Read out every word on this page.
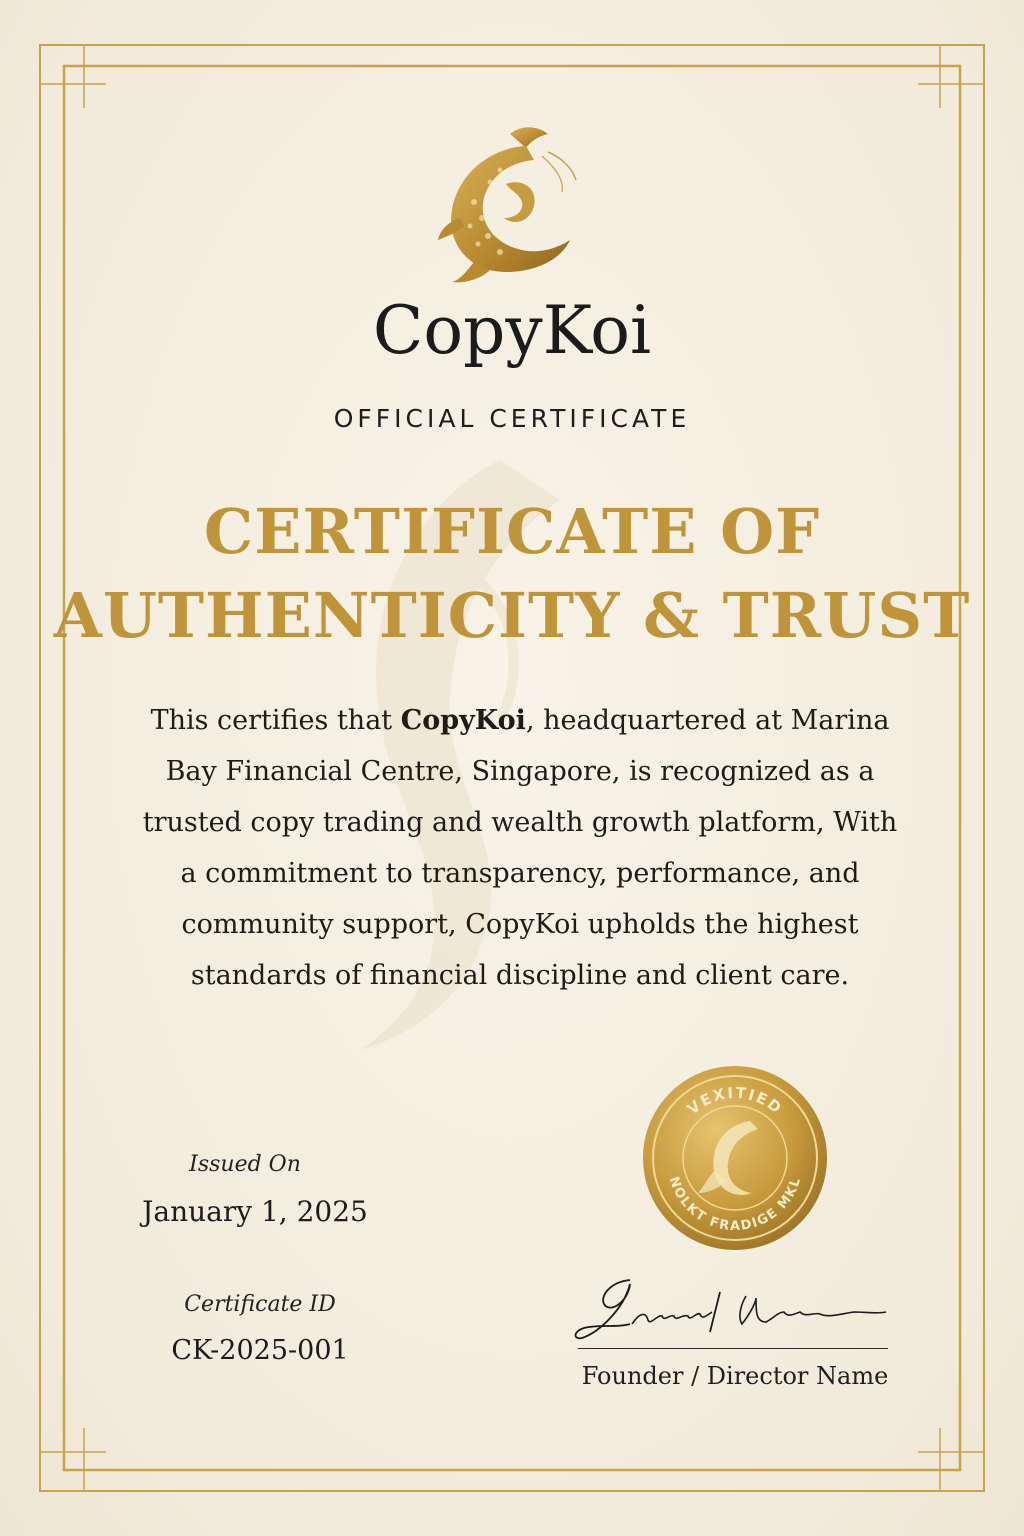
CopyKoi
OFFICIAL CERTIFICATE
CERTIFICATE OF
AUTHENTICITY & TRUST
This certifies that CopyKoi, headquartered at Marina Bay Financial Centre, Singapore, is recognized as a trusted copy trading and wealth growth platform, With a commitment to transparency, performance, and community support, CopyKoi upholds the highest standards of financial discipline and client care.
Issued On
January 1, 2025
Certificate ID
CK-2025-001
VEXITIED
NOLKT FRADIGE MKL
Founder / Director Name
